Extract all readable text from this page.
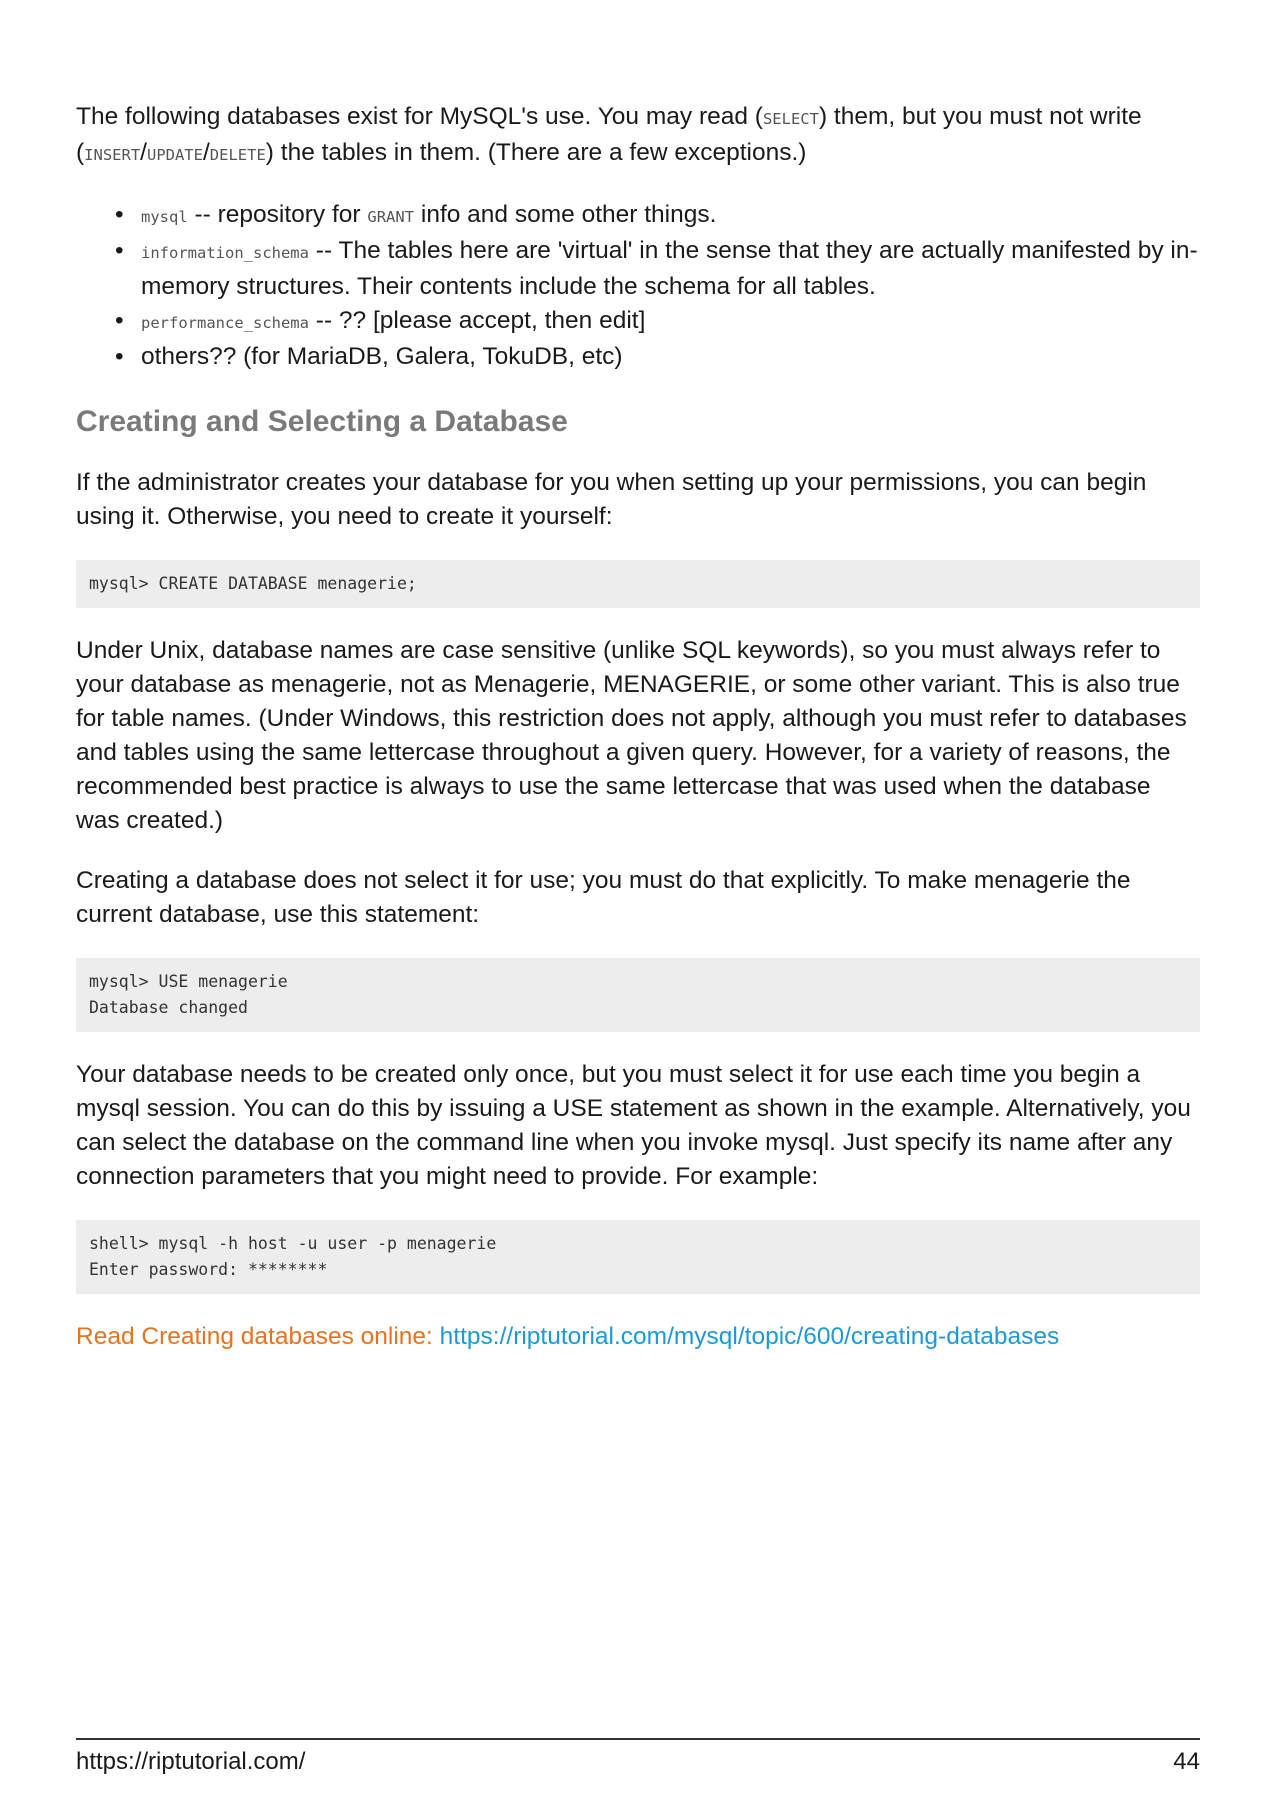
The following databases exist for MySQL's use. You may read (SELECT) them, but you must not write (INSERT/UPDATE/DELETE) the tables in them. (There are a few exceptions.)

• mysql -- repository for GRANT info and some other things.
• information_schema -- The tables here are 'virtual' in the sense that they are actually manifested by in-memory structures. Their contents include the schema for all tables.
• performance_schema -- ?? [please accept, then edit]
• others?? (for MariaDB, Galera, TokuDB, etc)
Creating and Selecting a Database

If the administrator creates your database for you when setting up your permissions, you can begin using it. Otherwise, you need to create it yourself:

mysql> CREATE DATABASE menagerie;

Under Unix, database names are case sensitive (unlike SQL keywords), so you must always refer to your database as menagerie, not as Menagerie, MENAGERIE, or some other variant. This is also true for table names. (Under Windows, this restriction does not apply, although you must refer to databases and tables using the same lettercase throughout a given query. However, for a variety of reasons, the recommended best practice is always to use the same lettercase that was used when the database was created.)

Creating a database does not select it for use; you must do that explicitly. To make menagerie the current database, use this statement:

mysql> USE menagerie
Database changed

Your database needs to be created only once, but you must select it for use each time you begin a mysql session. You can do this by issuing a USE statement as shown in the example. Alternatively, you can select the database on the command line when you invoke mysql. Just specify its name after any connection parameters that you might need to provide. For example:

shell> mysql -h host -u user -p menagerie
Enter password: ********

Read Creating databases online: https://riptutorial.com/mysql/topic/600/creating-databases

https://riptutorial.com/	44
